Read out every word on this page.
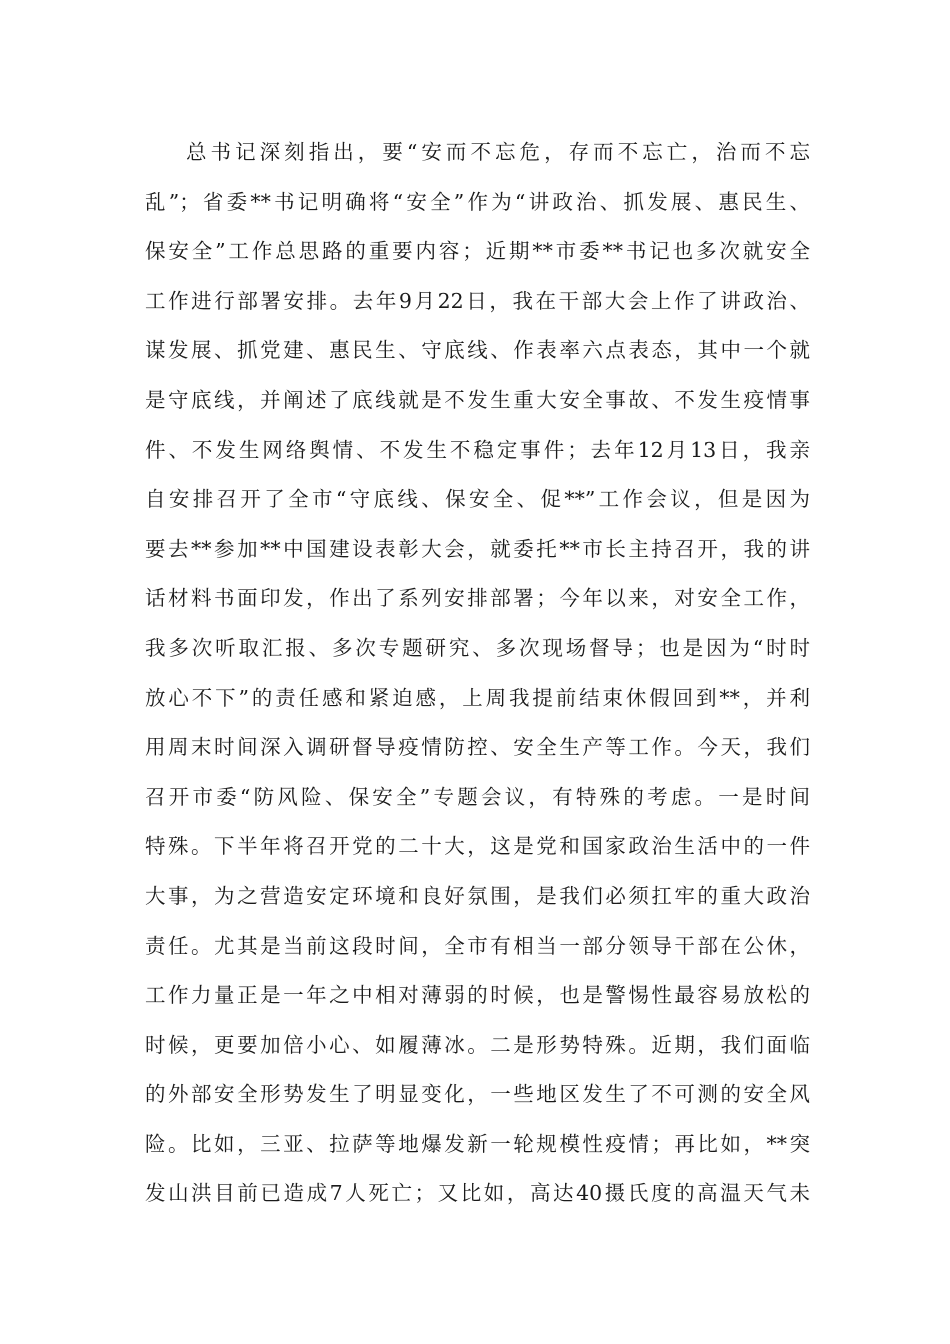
总书记深刻指出，要“安而不忘危，存而不忘亡，治而不忘
乱”；省委**书记明确将“安全”作为“讲政治、抓发展、惠民生、
保安全”工作总思路的重要内容；近期**市委**书记也多次就安全
工作进行部署安排。去年9月22日，我在干部大会上作了讲政治、
谋发展、抓党建、惠民生、守底线、作表率六点表态，其中一个就
是守底线，并阐述了底线就是不发生重大安全事故、不发生疫情事
件、不发生网络舆情、不发生不稳定事件；去年12月13日，我亲
自安排召开了全市“守底线、保安全、促**”工作会议，但是因为
要去**参加**中国建设表彰大会，就委托**市长主持召开，我的讲
话材料书面印发，作出了系列安排部署；今年以来，对安全工作，
我多次听取汇报、多次专题研究、多次现场督导；也是因为“时时
放心不下”的责任感和紧迫感，上周我提前结束休假回到**，并利
用周末时间深入调研督导疫情防控、安全生产等工作。今天，我们
召开市委“防风险、保安全”专题会议，有特殊的考虑。一是时间
特殊。下半年将召开党的二十大，这是党和国家政治生活中的一件
大事，为之营造安定环境和良好氛围，是我们必须扛牢的重大政治
责任。尤其是当前这段时间，全市有相当一部分领导干部在公休，
工作力量正是一年之中相对薄弱的时候，也是警惕性最容易放松的
时候，更要加倍小心、如履薄冰。二是形势特殊。近期，我们面临
的外部安全形势发生了明显变化，一些地区发生了不可测的安全风
险。比如，三亚、拉萨等地爆发新一轮规模性疫情；再比如，**突
发山洪目前已造成7人死亡；又比如，高达40摄氏度的高温天气未
